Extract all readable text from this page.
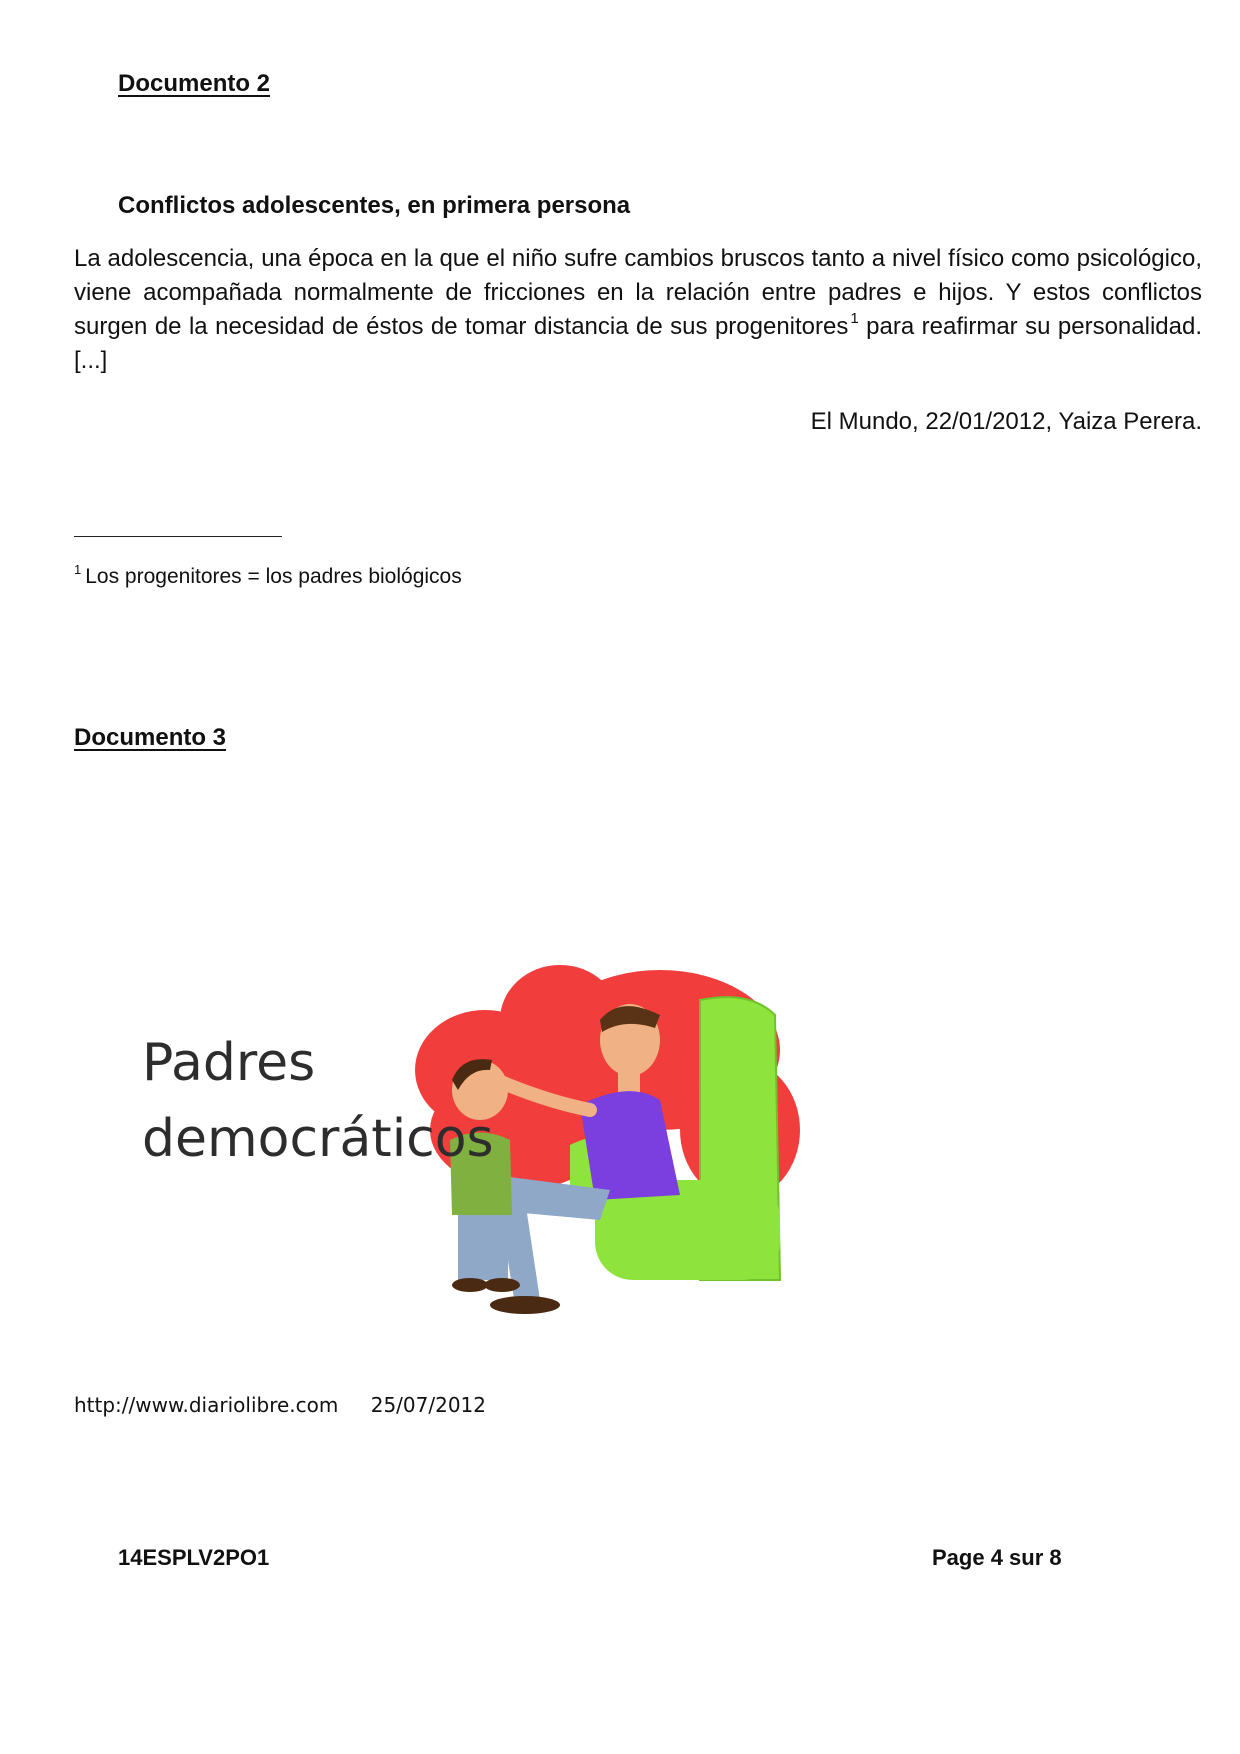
Documento 2
Conflictos adolescentes, en primera persona

La adolescencia, una época en la que el niño sufre cambios bruscos tanto a nivel físico como psicológico, viene acompañada normalmente de fricciones en la relación entre padres e hijos. Y estos conflictos surgen de la necesidad de éstos de tomar distancia de sus progenitores $^1$ para reafirmar su personalidad. [...]

El Mundo, 22/01/2012, Yaiza Perera.
$^1$ Los progenitores = los padres biológicos
Documento 3
Padres
democráticos
http://www.diariolibre.com 25/07/2012
14ESPLV2PO1	Page 4 sur 8
